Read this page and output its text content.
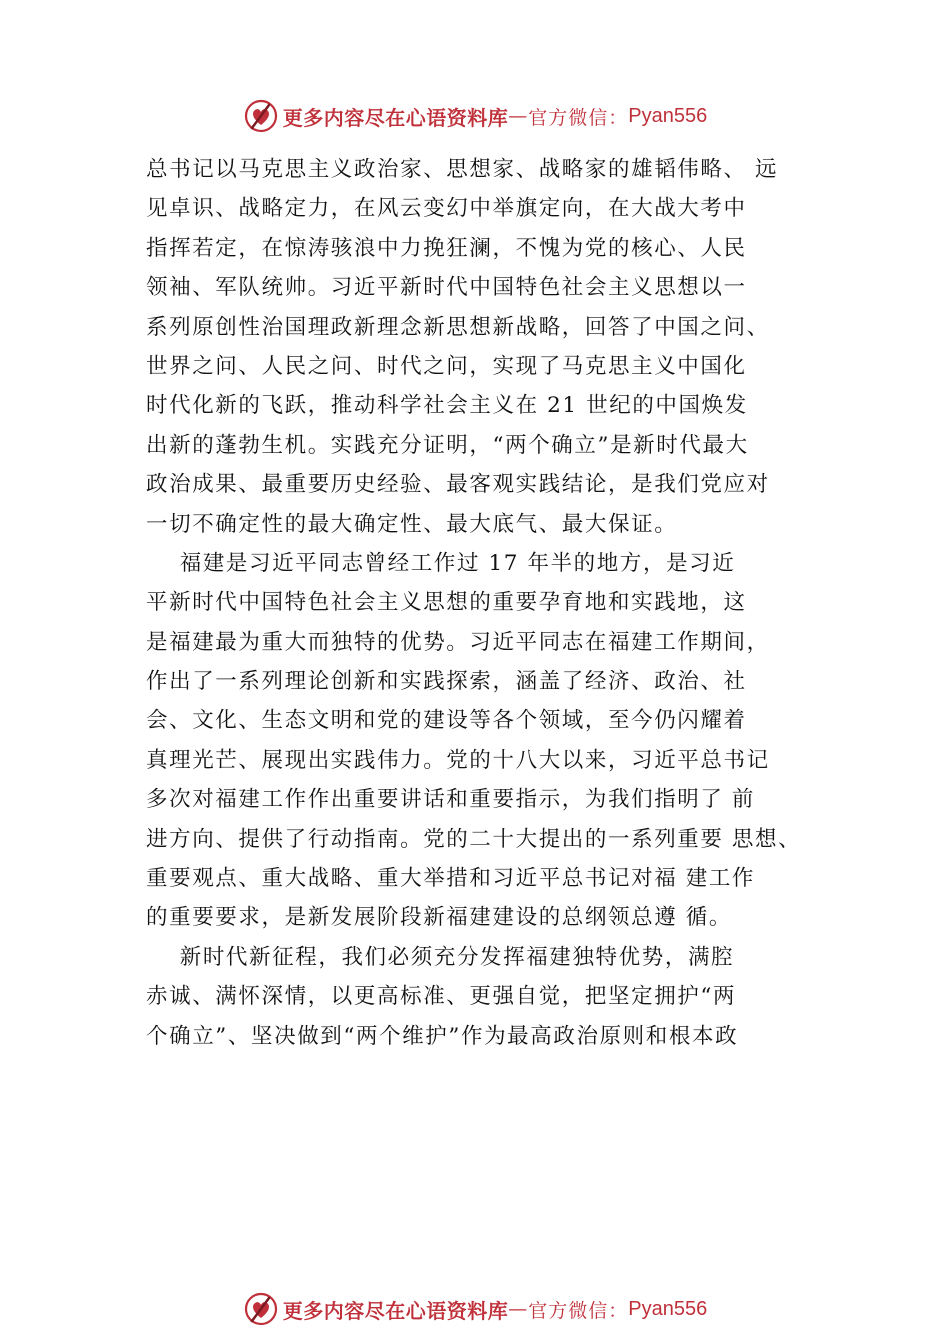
更多内容尽在心语资料库 — 官方微信： Pyan556
总书记以马克思主义政治家、思想家、战略家的雄韬伟略、 远
见卓识、战略定力，在风云变幻中举旗定向，在大战大考中
指挥若定，在惊涛骇浪中力挽狂澜，不愧为党的核心、人民
领袖、军队统帅。习近平新时代中国特色社会主义思想以一
系列原创性治国理政新理念新思想新战略，回答了中国之问、
世界之问、人民之问、时代之问，实现了马克思主义中国化
时代化新的飞跃，推动科学社会主义在 21 世纪的中国焕发
出新的蓬勃生机。实践充分证明，“两个确立”是新时代最大
政治成果、最重要历史经验、最客观实践结论，是我们党应对
一切不确定性的最大确定性、最大底气、最大保证。
福建是习近平同志曾经工作过 17 年半的地方，是习近
平新时代中国特色社会主义思想的重要孕育地和实践地，这
是福建最为重大而独特的优势。习近平同志在福建工作期间，
作出了一系列理论创新和实践探索，涵盖了经济、政治、社
会、文化、生态文明和党的建设等各个领域，至今仍闪耀着
真理光芒、展现出实践伟力。党的十八大以来，习近平总书记
多次对福建工作作出重要讲话和重要指示，为我们指明了 前
进方向、提供了行动指南。党的二十大提出的一系列重要 思想、
重要观点、重大战略、重大举措和习近平总书记对福 建工作
的重要要求，是新发展阶段新福建建设的总纲领总遵 循。
新时代新征程，我们必须充分发挥福建独特优势，满腔
赤诚、满怀深情，以更高标准、更强自觉，把坚定拥护“两
个确立”、坚决做到“两个维护”作为最高政治原则和根本政
更多内容尽在心语资料库 — 官方微信： Pyan556
